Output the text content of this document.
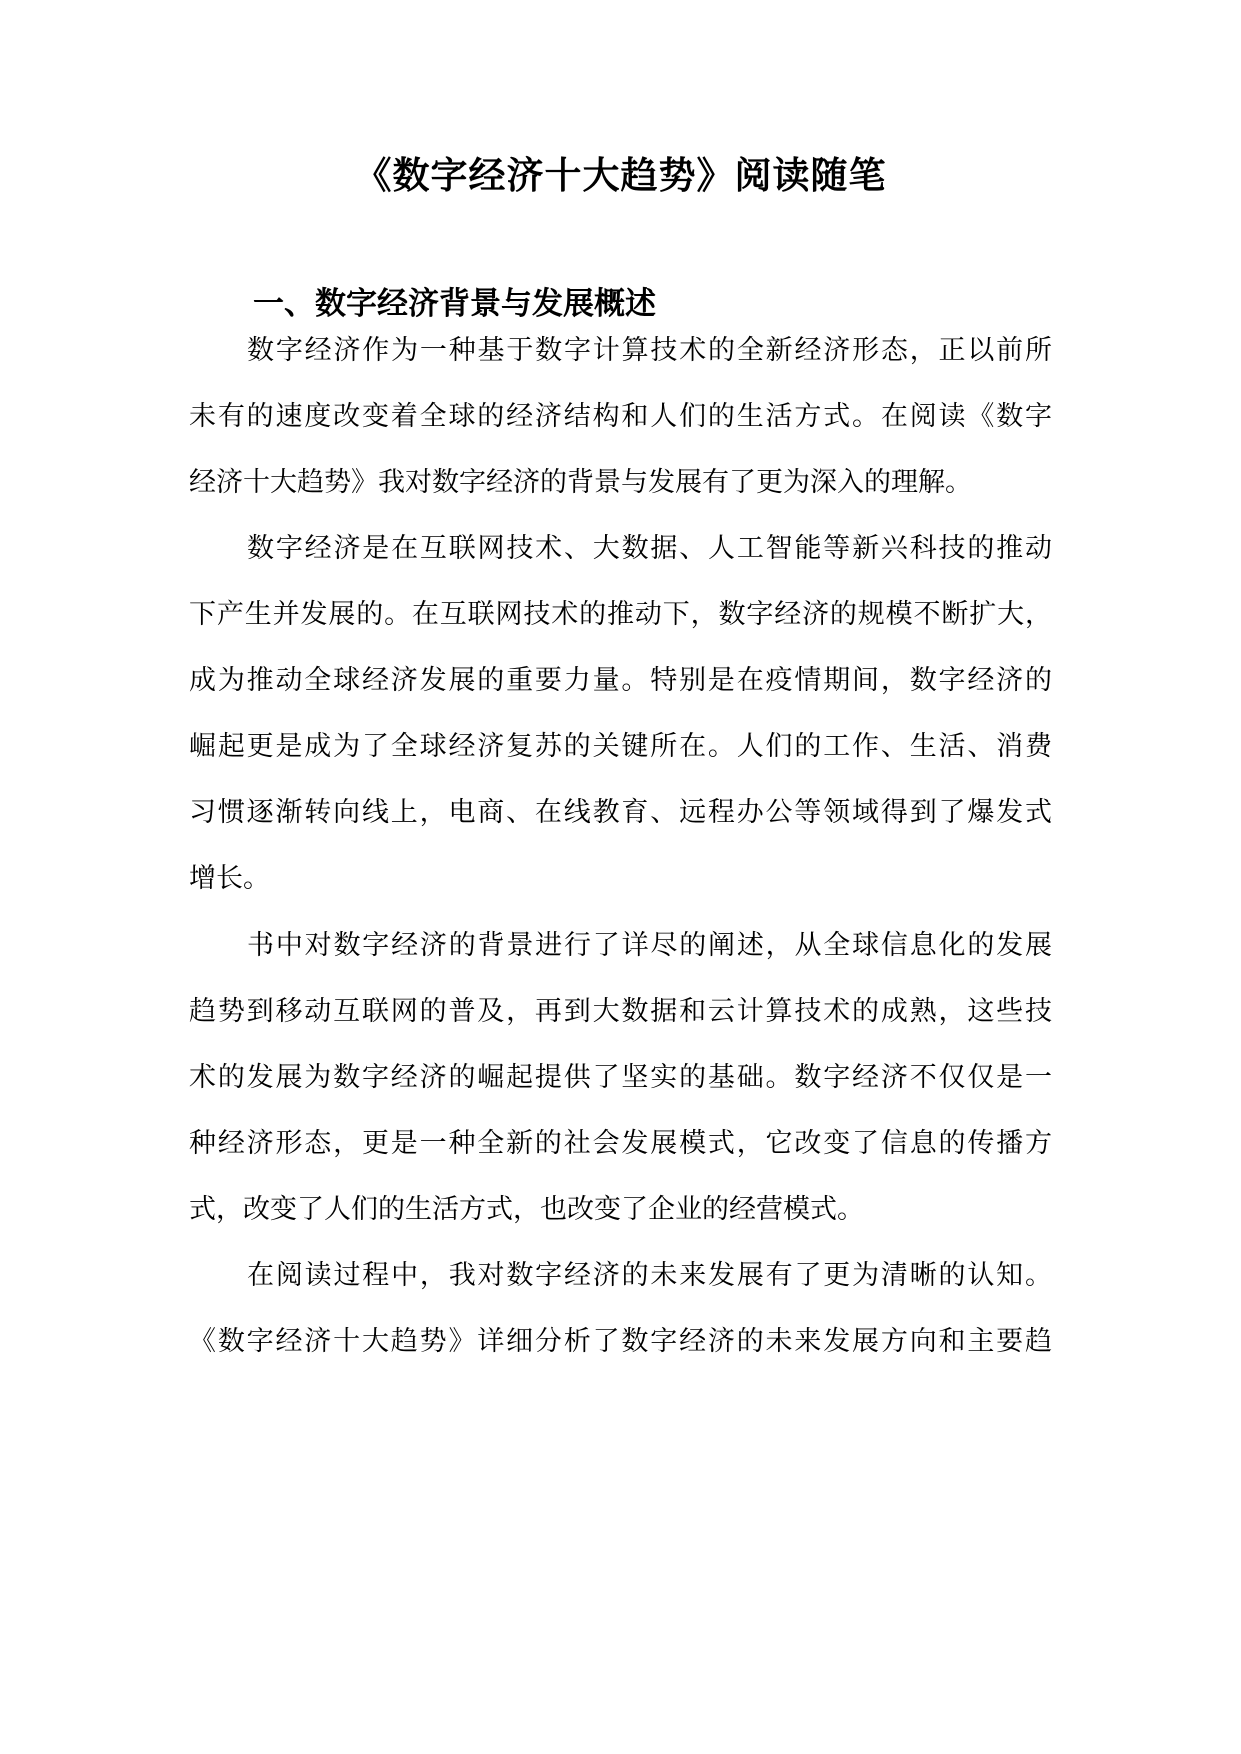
《数字经济十大趋势》阅读随笔
一、数字经济背景与发展概述
数字经济作为一种基于数字计算技术的全新经济形态，正以前所
未有的速度改变着全球的经济结构和人们的生活方式。在阅读《数字
经济十大趋势》我对数字经济的背景与发展有了更为深入的理解。
数字经济是在互联网技术、大数据、人工智能等新兴科技的推动
下产生并发展的。在互联网技术的推动下，数字经济的规模不断扩大，
成为推动全球经济发展的重要力量。特别是在疫情期间，数字经济的
崛起更是成为了全球经济复苏的关键所在。人们的工作、生活、消费
习惯逐渐转向线上，电商、在线教育、远程办公等领域得到了爆发式
增长。
书中对数字经济的背景进行了详尽的阐述，从全球信息化的发展
趋势到移动互联网的普及，再到大数据和云计算技术的成熟，这些技
术的发展为数字经济的崛起提供了坚实的基础。数字经济不仅仅是一
种经济形态，更是一种全新的社会发展模式，它改变了信息的传播方
式，改变了人们的生活方式，也改变了企业的经营模式。
在阅读过程中，我对数字经济的未来发展有了更为清晰的认知。
《数字经济十大趋势》详细分析了数字经济的未来发展方向和主要趋
